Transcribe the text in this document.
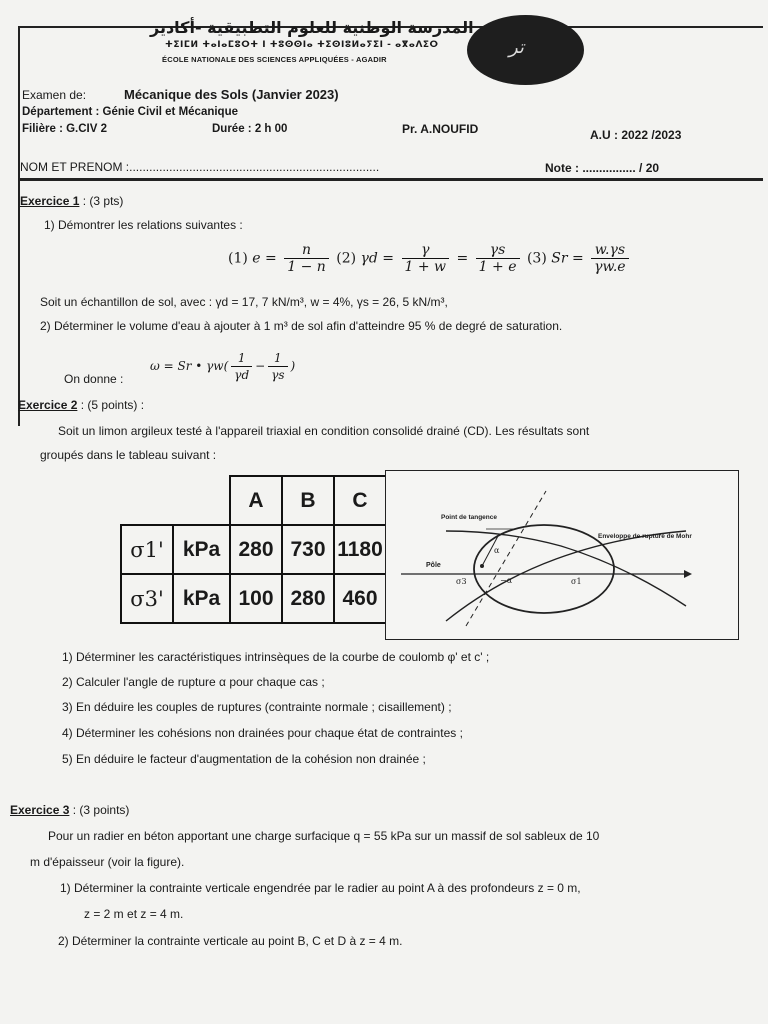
المدرسة الوطنية للعلوم التطبيقية -أكادير
ⵜⵉⵏⵎⵍ ⵜⴰⵏⴰⵎⵓⵔⵜ ⵏ ⵜⵓⵙⵙⵏⴰ ⵜⵉⵙⵏⵓⵍⴰⵢⵉⵏ - ⴰⴳⴰⴷⵉⵔ
ÉCOLE NATIONALE DES SCIENCES APPLIQUÉES - AGADIR
ﺗﺮ
Examen de:	Mécanique des Sols (Janvier 2023)
Département : Génie Civil et Mécanique
Filière : G.CIV 2	Durée : 2 h 00	Pr. A.NOUFID	A.U : 2022 /2023
NOM ET PRENOM :...........................................................................	Note : ................ / 20
Exercice 1 : (3 pts)
1) Démontrer les relations suivantes :
(1) $e = \frac{n}{1 - n} (2) \gamma d = \frac{\gamma}{1 + w} = \frac{\gamma s}{1 + e} (3) Sr = \frac{w.\gamma s}{\gamma w.e}$
Soit un échantillon de sol, avec : γd = 17, 7 kN/m³, w = 4%, γs = 26, 5 kN/m³,
2) Déterminer le volume d'eau à ajouter à 1 m³ de sol afin d'atteindre 95 % de degré de saturation.
On donne :
ω = Sr • $\gamma w( \frac{1}{\gamma d} - \frac{1}{\gamma s}$ )
Exercice 2 : (5 points) :
Soit un limon argileux testé à l'appareil triaxial en condition consolidé drainé (CD). Les résultats sont
groupés dans le tableau suivant :
		A	B	C
σ1'	kPa	280	730	1180
σ3'	kPa	100	280	460
Point de tangence
Enveloppe de rupture de Mohr
Pôle
α
−α
σ3	σ1
1) Déterminer les caractéristiques intrinsèques de la courbe de coulomb φ' et c' ;
2) Calculer l'angle de rupture α pour chaque cas ;
3) En déduire les couples de ruptures (contrainte normale ; cisaillement) ;
4) Déterminer les cohésions non drainées pour chaque état de contraintes ;
5) En déduire le facteur d'augmentation de la cohésion non drainée ;
Exercice 3 : (3 points)
Pour un radier en béton apportant une charge surfacique q = 55 kPa sur un massif de sol sableux de 10
m d'épaisseur (voir la figure).
1) Déterminer la contrainte verticale engendrée par le radier au point A à des profondeurs z = 0 m,
z = 2 m et z = 4 m.
2) Déterminer la contrainte verticale au point B, C et D à z = 4 m.
